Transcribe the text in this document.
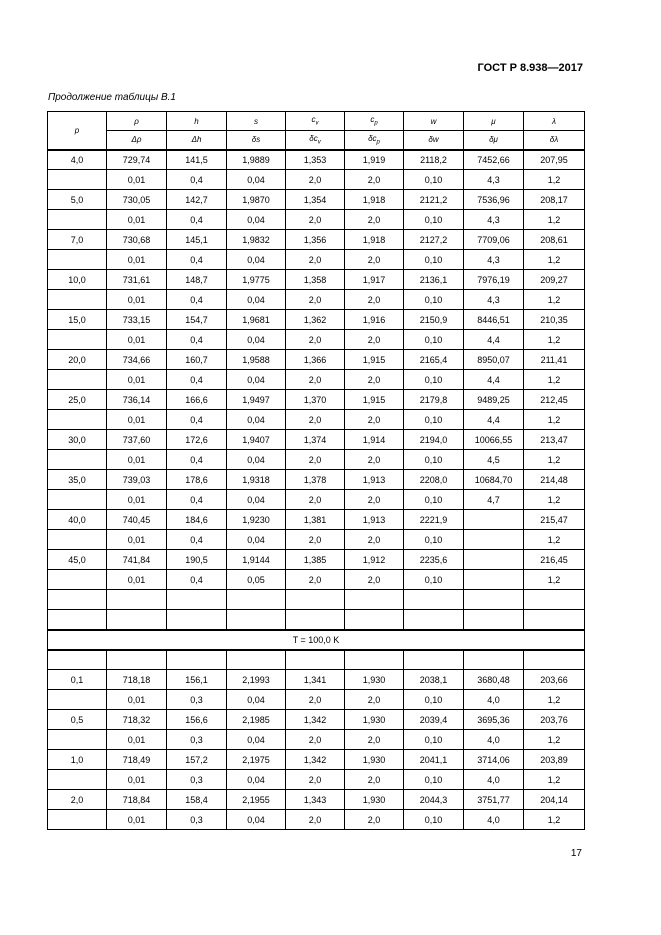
ГОСТ Р 8.938—2017
Продолжение таблицы В.1
p	ρ	h	s	$c_v$	$c_p$	w	μ	λ
	Δρ	Δh	δs	$\delta c_v$	$\delta c_p$	δw	δμ	δλ
4,0	729,74	141,5	1,9889	1,353	1,919	2118,2	7452,66	207,95
	0,01	0,4	0,04	2,0	2,0	0,10	4,3	1,2
5,0	730,05	142,7	1,9870	1,354	1,918	2121,2	7536,96	208,17
	0,01	0,4	0,04	2,0	2,0	0,10	4,3	1,2
7,0	730,68	145,1	1,9832	1,356	1,918	2127,2	7709,06	208,61
	0,01	0,4	0,04	2,0	2,0	0,10	4,3	1,2
10,0	731,61	148,7	1,9775	1,358	1,917	2136,1	7976,19	209,27
	0,01	0,4	0,04	2,0	2,0	0,10	4,3	1,2
15,0	733,15	154,7	1,9681	1,362	1,916	2150,9	8446,51	210,35
	0,01	0,4	0,04	2,0	2,0	0,10	4,4	1,2
20,0	734,66	160,7	1,9588	1,366	1,915	2165,4	8950,07	211,41
	0,01	0,4	0,04	2,0	2,0	0,10	4,4	1,2
25,0	736,14	166,6	1,9497	1,370	1,915	2179,8	9489,25	212,45
	0,01	0,4	0,04	2,0	2,0	0,10	4,4	1,2
30,0	737,60	172,6	1,9407	1,374	1,914	2194,0	10066,55	213,47
	0,01	0,4	0,04	2,0	2,0	0,10	4,5	1,2
35,0	739,03	178,6	1,9318	1,378	1,913	2208,0	10684,70	214,48
	0,01	0,4	0,04	2,0	2,0	0,10	4,7	1,2
40,0	740,45	184,6	1,9230	1,381	1,913	2221,9		215,47
	0,01	0,4	0,04	2,0	2,0	0,10		1,2
45,0	741,84	190,5	1,9144	1,385	1,912	2235,6		216,45
	0,01	0,4	0,05	2,0	2,0	0,10		1,2

T = 100,0 K								

0,1	718,18	156,1	2,1993	1,341	1,930	2038,1	3680,48	203,66
	0,01	0,3	0,04	2,0	2,0	0,10	4,0	1,2
0,5	718,32	156,6	2,1985	1,342	1,930	2039,4	3695,36	203,76
	0,01	0,3	0,04	2,0	2,0	0,10	4,0	1,2
1,0	718,49	157,2	2,1975	1,342	1,930	2041,1	3714,06	203,89
	0,01	0,3	0,04	2,0	2,0	0,10	4,0	1,2
2,0	718,84	158,4	2,1955	1,343	1,930	2044,3	3751,77	204,14
	0,01	0,3	0,04	2,0	2,0	0,10	4,0	1,2
17
